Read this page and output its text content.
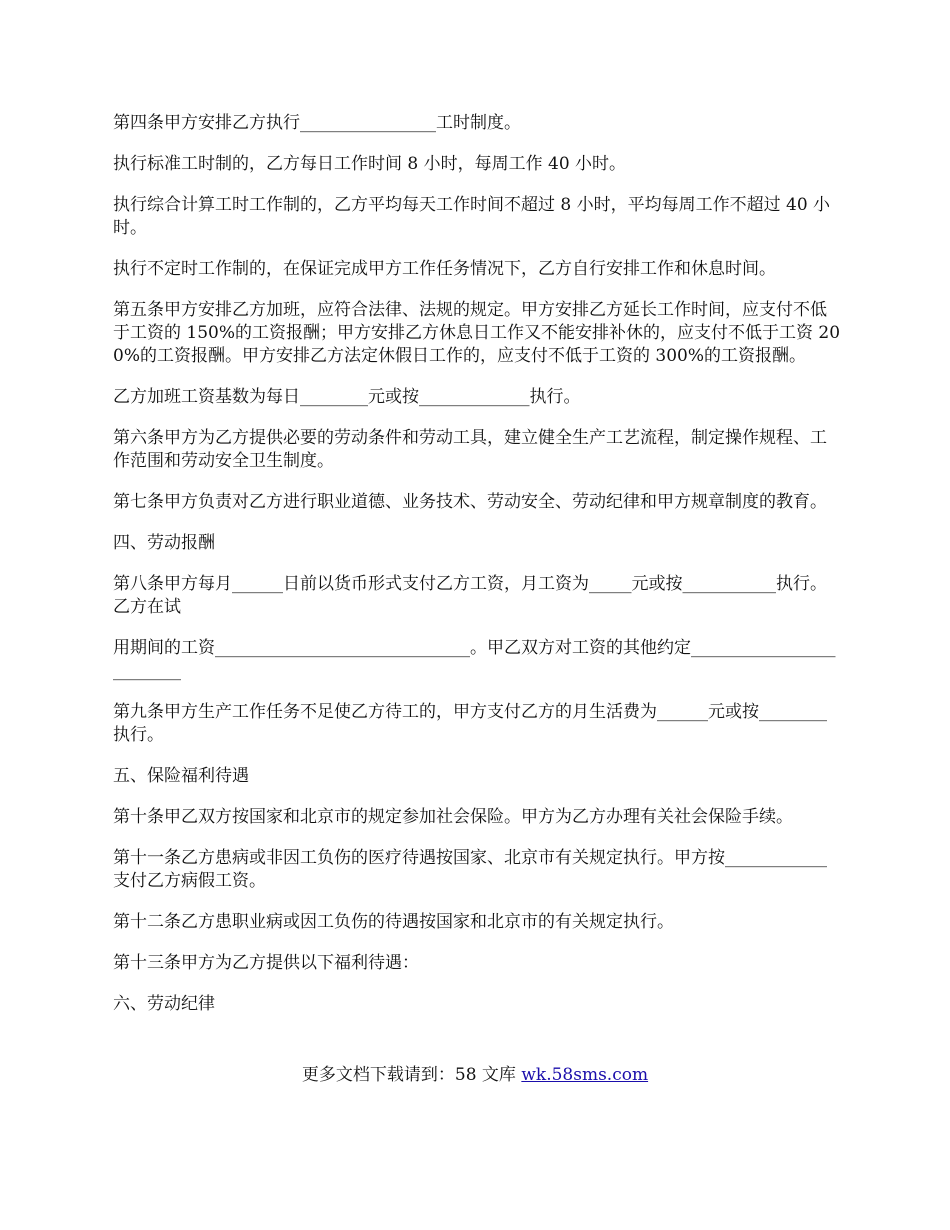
第四条甲方安排乙方执行________________工时制度。

执行标准工时制的，乙方每日工作时间 8 小时，每周工作 40 小时。

执行综合计算工时工作制的，乙方平均每天工作时间不超过 8 小时，平均每周工作不超过 40 小时。

执行不定时工作制的，在保证完成甲方工作任务情况下，乙方自行安排工作和休息时间。

第五条甲方安排乙方加班，应符合法律、法规的规定。甲方安排乙方延长工作时间，应支付不低于工资的 150%的工资报酬；甲方安排乙方休息日工作又不能安排补休的，应支付不低于工资 200%的工资报酬。甲方安排乙方法定休假日工作的，应支付不低于工资的 300%的工资报酬。

乙方加班工资基数为每日________元或按_____________执行。

第六条甲方为乙方提供必要的劳动条件和劳动工具，建立健全生产工艺流程，制定操作规程、工作范围和劳动安全卫生制度。

第七条甲方负责对乙方进行职业道德、业务技术、劳动安全、劳动纪律和甲方规章制度的教育。

四、劳动报酬

第八条甲方每月______日前以货币形式支付乙方工资，月工资为_____元或按___________执行。乙方在试

用期间的工资______________________________。甲乙双方对工资的其他约定_________________________

第九条甲方生产工作任务不足使乙方待工的，甲方支付乙方的月生活费为______元或按________执行。

五、保险福利待遇

第十条甲乙双方按国家和北京市的规定参加社会保险。甲方为乙方办理有关社会保险手续。

第十一条乙方患病或非因工负伤的医疗待遇按国家、北京市有关规定执行。甲方按____________支付乙方病假工资。

第十二条乙方患职业病或因工负伤的待遇按国家和北京市的有关规定执行。

第十三条甲方为乙方提供以下福利待遇：

六、劳动纪律

更多文档下载请到：58 文库 wk.58sms.com
